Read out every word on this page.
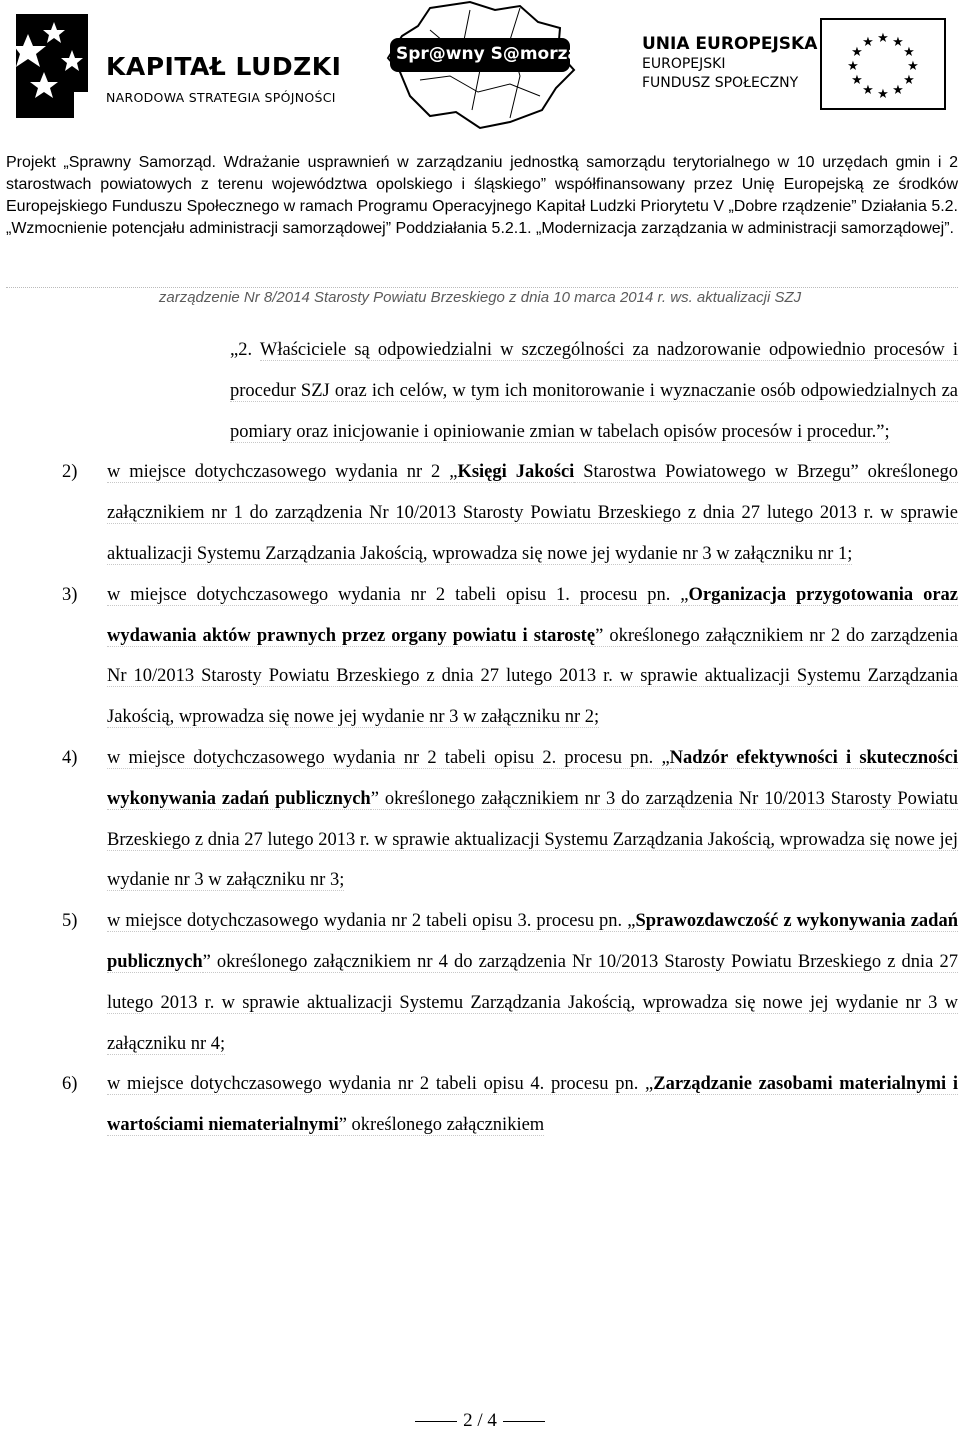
KAPITAŁ LUDZKI
NARODOWA STRATEGIA SPÓJNOŚCI
Spr@wny S@morząd	UNIA EUROPEJSKA
EUROPEJSKI
FUNDUSZ SPOŁECZNY
★ ★
★
★
★
★
★
★
★
★
★
★
Projekt „Sprawny Samorząd. Wdrażanie usprawnień w zarządzaniu jednostką samorządu terytorialnego w 10 urzędach gmin i 2 starostwach powiatowych z terenu województwa opolskiego i śląskiego” współfinansowany przez Unię Europejską ze środków Europejskiego Funduszu Społecznego w ramach Programu Operacyjnego Kapitał Ludzki Priorytetu V „Dobre rządzenie” Działania 5.2. „Wzmocnienie potencjału administracji samorządowej” Poddziałania 5.2.1. „Modernizacja zarządzania w administracji samorządowej”.
zarządzenie Nr 8/2014 Starosty Powiatu Brzeskiego z dnia 10 marca 2014 r. ws. aktualizacji SZJ
„2. Właściciele są odpowiedzialni w szczególności za nadzorowanie odpowiednio procesów i procedur SZJ oraz ich celów, w tym ich monitorowanie i wyznaczanie osób odpowiedzialnych za pomiary oraz inicjowanie i opiniowanie zmian w tabelach opisów procesów i procedur.”;
2) w miejsce dotychczasowego wydania nr 2 „Księgi Jakości Starostwa Powiatowego w Brzegu” określonego załącznikiem nr 1 do zarządzenia Nr 10/2013 Starosty Powiatu Brzeskiego z dnia 27 lutego 2013 r. w sprawie aktualizacji Systemu Zarządzania Jakością, wprowadza się nowe jej wydanie nr 3 w załączniku nr 1;
3) w miejsce dotychczasowego wydania nr 2 tabeli opisu 1. procesu pn. „Organizacja przygotowania oraz wydawania aktów prawnych przez organy powiatu i starostę” określonego załącznikiem nr 2 do zarządzenia Nr 10/2013 Starosty Powiatu Brzeskiego z dnia 27 lutego 2013 r. w sprawie aktualizacji Systemu Zarządzania Jakością, wprowadza się nowe jej wydanie nr 3 w załączniku nr 2;
4) w miejsce dotychczasowego wydania nr 2 tabeli opisu 2. procesu pn. „Nadzór efektywności i skuteczności wykonywania zadań publicznych” określonego załącznikiem nr 3 do zarządzenia Nr 10/2013 Starosty Powiatu Brzeskiego z dnia 27 lutego 2013 r. w sprawie aktualizacji Systemu Zarządzania Jakością, wprowadza się nowe jej wydanie nr 3 w załączniku nr 3;
5) w miejsce dotychczasowego wydania nr 2 tabeli opisu 3. procesu pn. „Sprawozdawczość z wykonywania zadań publicznych” określonego załącznikiem nr 4 do zarządzenia Nr 10/2013 Starosty Powiatu Brzeskiego z dnia 27 lutego 2013 r. w sprawie aktualizacji Systemu Zarządzania Jakością, wprowadza się nowe jej wydanie nr 3 w załączniku nr 4;
6) w miejsce dotychczasowego wydania nr 2 tabeli opisu 4. procesu pn. „Zarządzanie zasobami materialnymi i wartościami niematerialnymi” określonego załącznikiem
2 / 4
